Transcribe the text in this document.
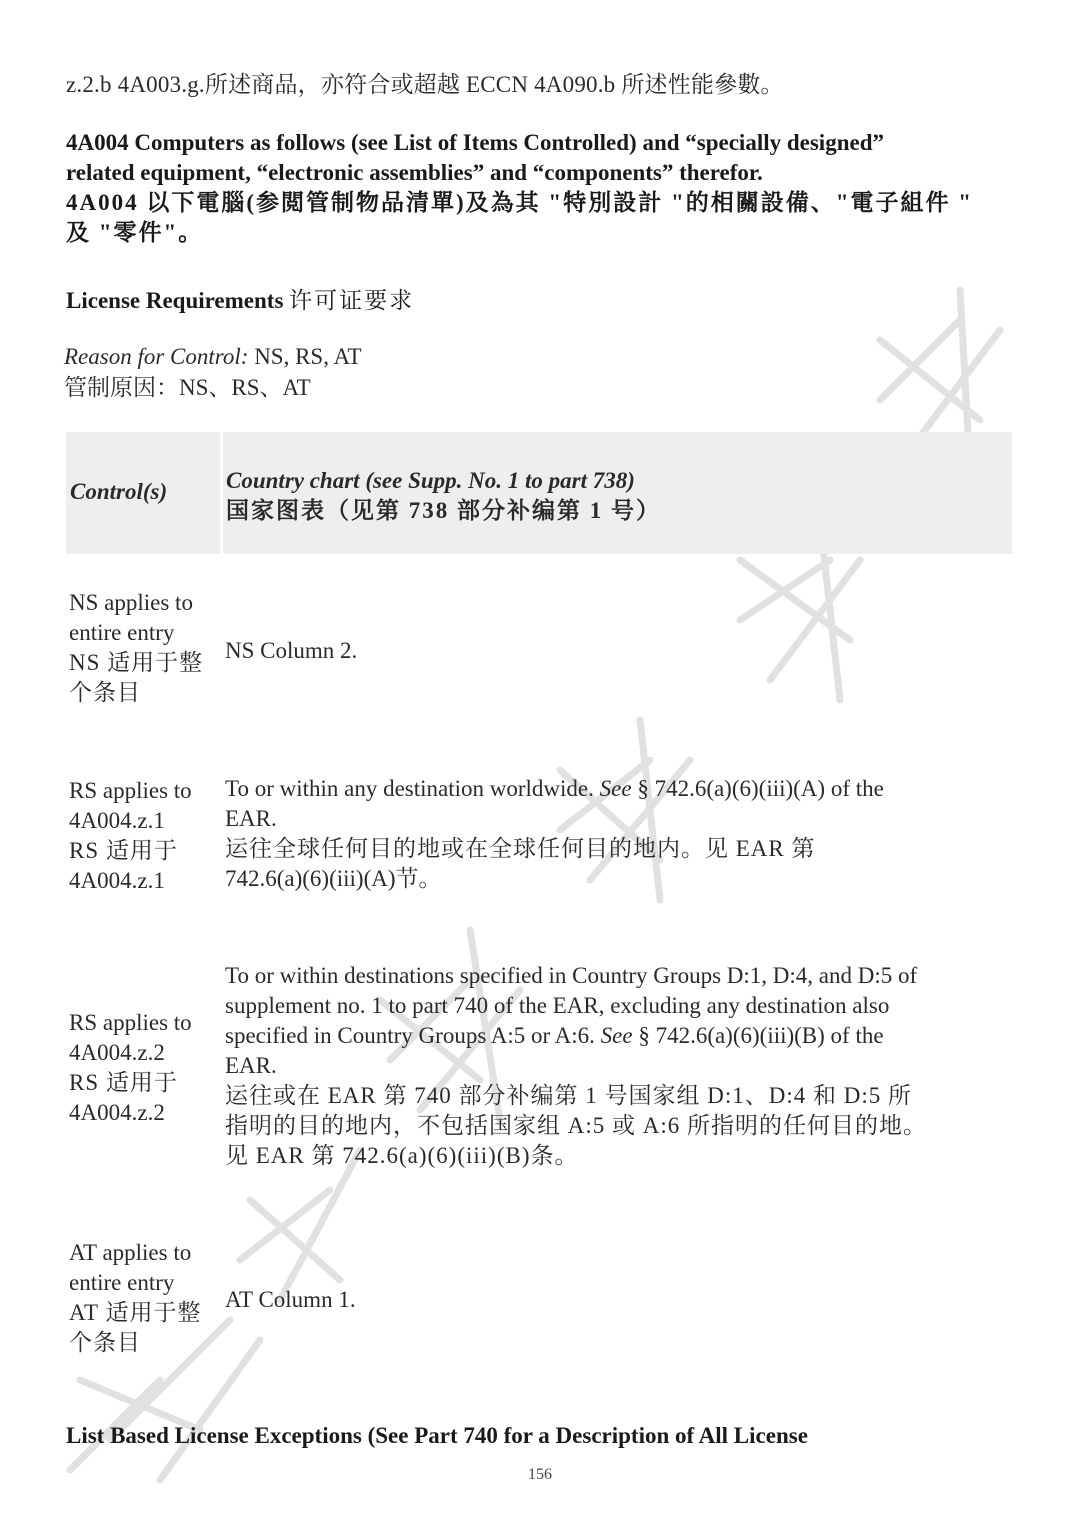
z.2.b 4A003.g.所述商品，亦符合或超越 ECCN 4A090.b 所述性能參數。
4A004 Computers as follows (see List of Items Controlled) and “specially designed”
related equipment, “electronic assemblies” and “components” therefor.
4A004 以下電腦(参閲管制物品清單)及為其 "特別設計 "的相關設備、"電子組件 "
及 "零件"。
License Requirements 许可证要求
Reason for Control: NS, RS, AT
管制原因：NS、RS、AT
Control(s)	Country chart (see Supp. No. 1 to part 738)
国家图表（见第 738 部分补编第 1 号）
NS applies to
entire entry
NS 适用于整
个条目
NS Column 2.
RS applies to
4A004.z.1
RS 适用于
4A004.z.1
To or within any destination worldwide. See § 742.6(a)(6)(iii)(A) of the
EAR.
运往全球任何目的地或在全球任何目的地内。见 EAR 第
742.6(a)(6)(iii)(A)节。
RS applies to
4A004.z.2
RS 适用于
4A004.z.2
To or within destinations specified in Country Groups D:1, D:4, and D:5 of
supplement no. 1 to part 740 of the EAR, excluding any destination also
specified in Country Groups A:5 or A:6. See § 742.6(a)(6)(iii)(B) of the
EAR.
运往或在 EAR 第 740 部分补编第 1 号国家组 D:1、D:4 和 D:5 所
指明的目的地内，不包括国家组 A:5 或 A:6 所指明的任何目的地。
见 EAR 第 742.6(a)(6)(iii)(B)条。
AT applies to
entire entry
AT 适用于整
个条目
AT Column 1.
List Based License Exceptions (See Part 740 for a Description of All License
156
